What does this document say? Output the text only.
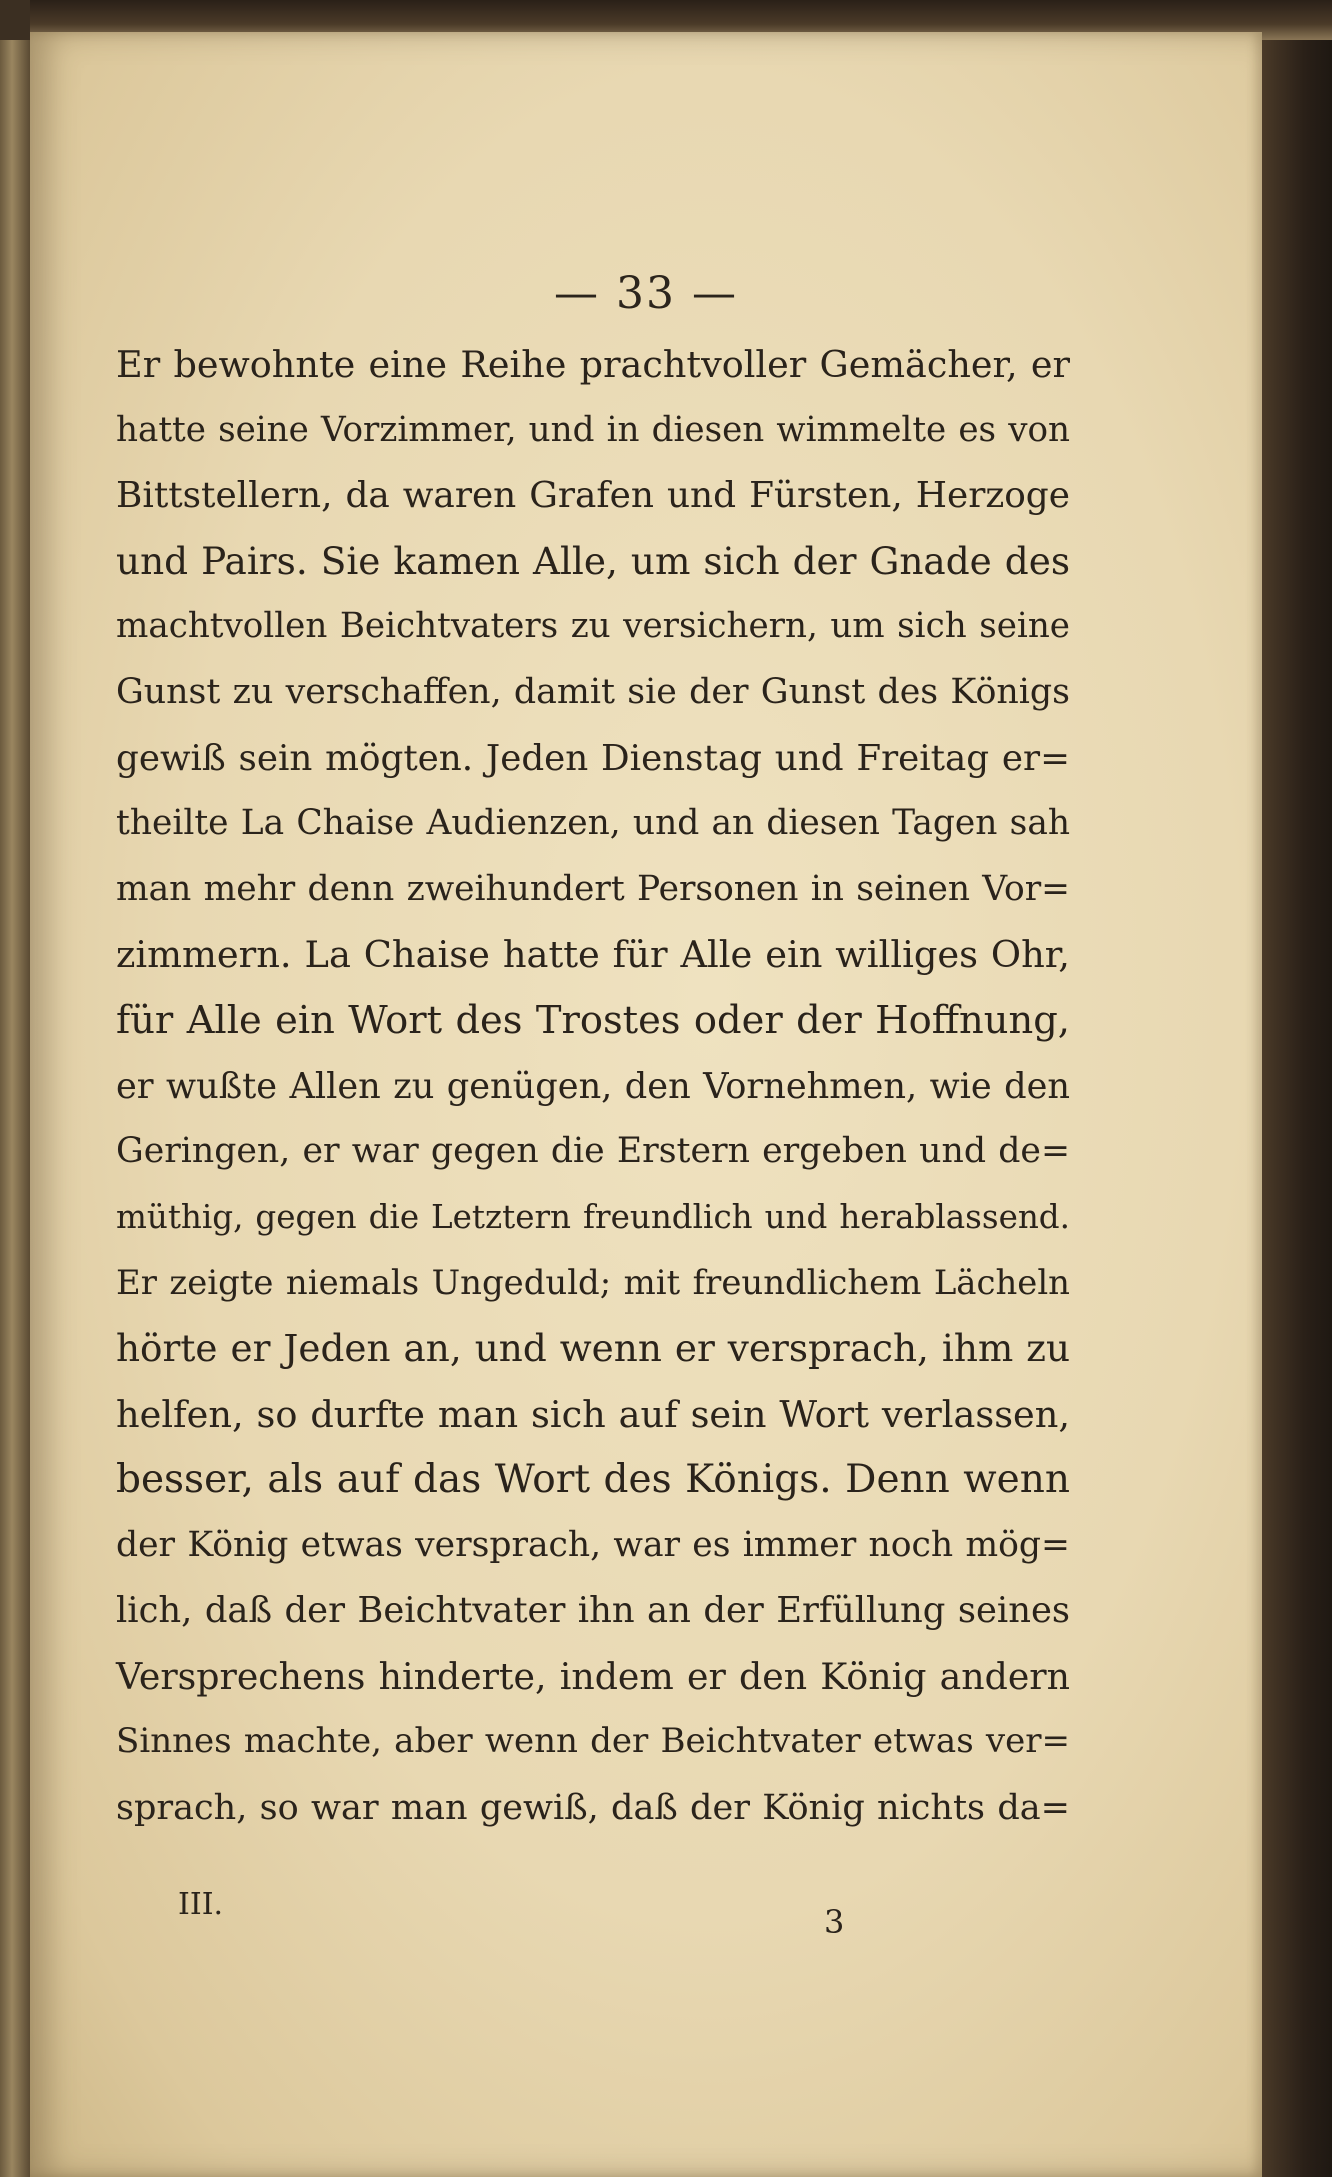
— 33 —
Er bewohnte eine Reihe prachtvoller Gemächer, er
hatte seine Vorzimmer, und in diesen wimmelte es von
Bittstellern, da waren Grafen und Fürsten, Herzoge
und Pairs. Sie kamen Alle, um sich der Gnade des
machtvollen Beichtvaters zu versichern, um sich seine
Gunst zu verschaffen, damit sie der Gunst des Königs
gewiß sein mögten. Jeden Dienstag und Freitag er=
theilte La Chaise Audienzen, und an diesen Tagen sah
man mehr denn zweihundert Personen in seinen Vor=
zimmern. La Chaise hatte für Alle ein williges Ohr,
für Alle ein Wort des Trostes oder der Hoffnung,
er wußte Allen zu genügen, den Vornehmen, wie den
Geringen, er war gegen die Erstern ergeben und de=
müthig, gegen die Letztern freundlich und herablassend.
Er zeigte niemals Ungeduld; mit freundlichem Lächeln
hörte er Jeden an, und wenn er versprach, ihm zu
helfen, so durfte man sich auf sein Wort verlassen,
besser, als auf das Wort des Königs. Denn wenn
der König etwas versprach, war es immer noch mög=
lich, daß der Beichtvater ihn an der Erfüllung seines
Versprechens hinderte, indem er den König andern
Sinnes machte, aber wenn der Beichtvater etwas ver=
sprach, so war man gewiß, daß der König nichts da=
III.	3
